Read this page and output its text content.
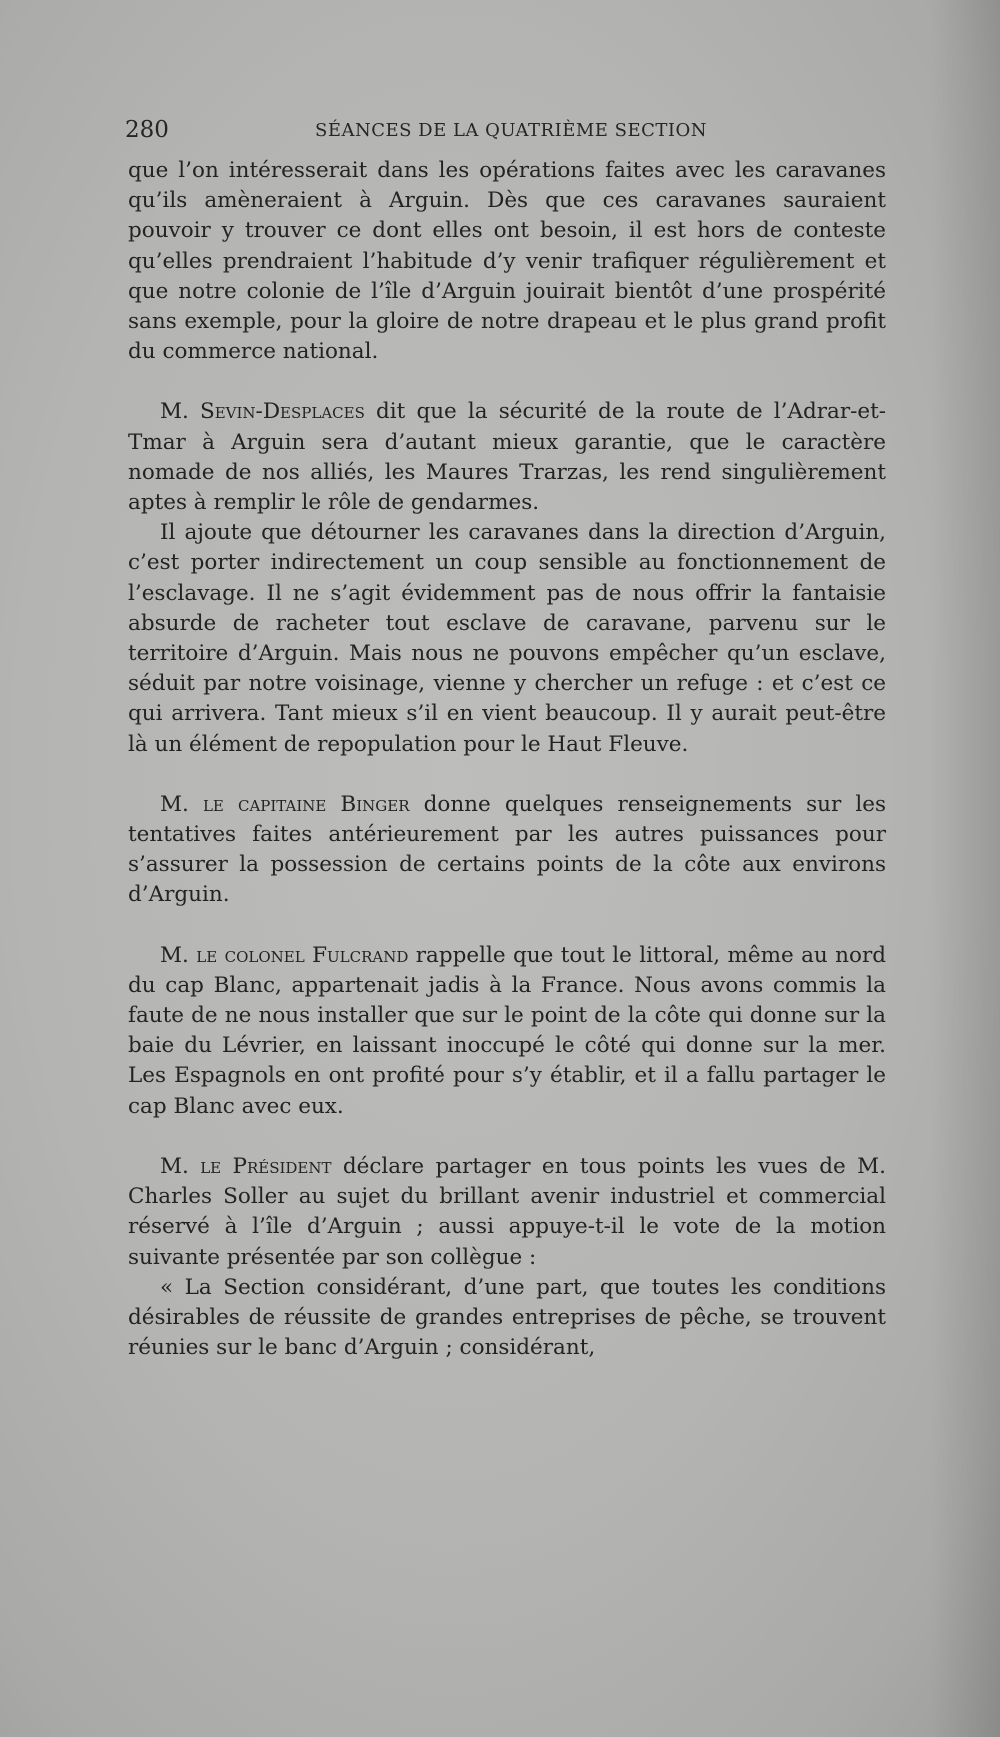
280	SÉANCES DE LA QUATRIÈME SECTION

que l’on intéresserait dans les opérations faites avec les caravanes qu’ils amèneraient à Arguin. Dès que ces caravanes sauraient pouvoir y trouver ce dont elles ont besoin, il est hors de conteste qu’elles prendraient l’habitude d’y venir trafiquer régulièrement et que notre colonie de l’île d’Arguin jouirait bientôt d’une prospérité sans exemple, pour la gloire de notre drapeau et le plus grand profit du commerce national.

M. Sevin-Desplaces dit que la sécurité de la route de l’Adrar-et-Tmar à Arguin sera d’autant mieux garantie, que le caractère nomade de nos alliés, les Maures Trarzas, les rend singulièrement aptes à remplir le rôle de gendarmes.

Il ajoute que détourner les caravanes dans la direction d’Arguin, c’est porter indirectement un coup sensible au fonctionnement de l’esclavage. Il ne s’agit évidemment pas de nous offrir la fantaisie absurde de racheter tout esclave de caravane, parvenu sur le territoire d’Arguin. Mais nous ne pouvons empêcher qu’un esclave, séduit par notre voisinage, vienne y chercher un refuge : et c’est ce qui arrivera. Tant mieux s’il en vient beaucoup. Il y aurait peut-être là un élément de repopulation pour le Haut Fleuve.

M. le capitaine Binger donne quelques renseignements sur les tentatives faites antérieurement par les autres puissances pour s’assurer la possession de certains points de la côte aux environs d’Arguin.

M. le colonel Fulcrand rappelle que tout le littoral, même au nord du cap Blanc, appartenait jadis à la France. Nous avons commis la faute de ne nous installer que sur le point de la côte qui donne sur la baie du Lévrier, en laissant inoccupé le côté qui donne sur la mer. Les Espagnols en ont profité pour s’y établir, et il a fallu partager le cap Blanc avec eux.

M. le Président déclare partager en tous points les vues de M. Charles Soller au sujet du brillant avenir industriel et commercial réservé à l’île d’Arguin ; aussi appuye-t-il le vote de la motion suivante présentée par son collègue :

« La Section considérant, d’une part, que toutes les conditions désirables de réussite de grandes entreprises de pêche, se trouvent réunies sur le banc d’Arguin ; considérant,
